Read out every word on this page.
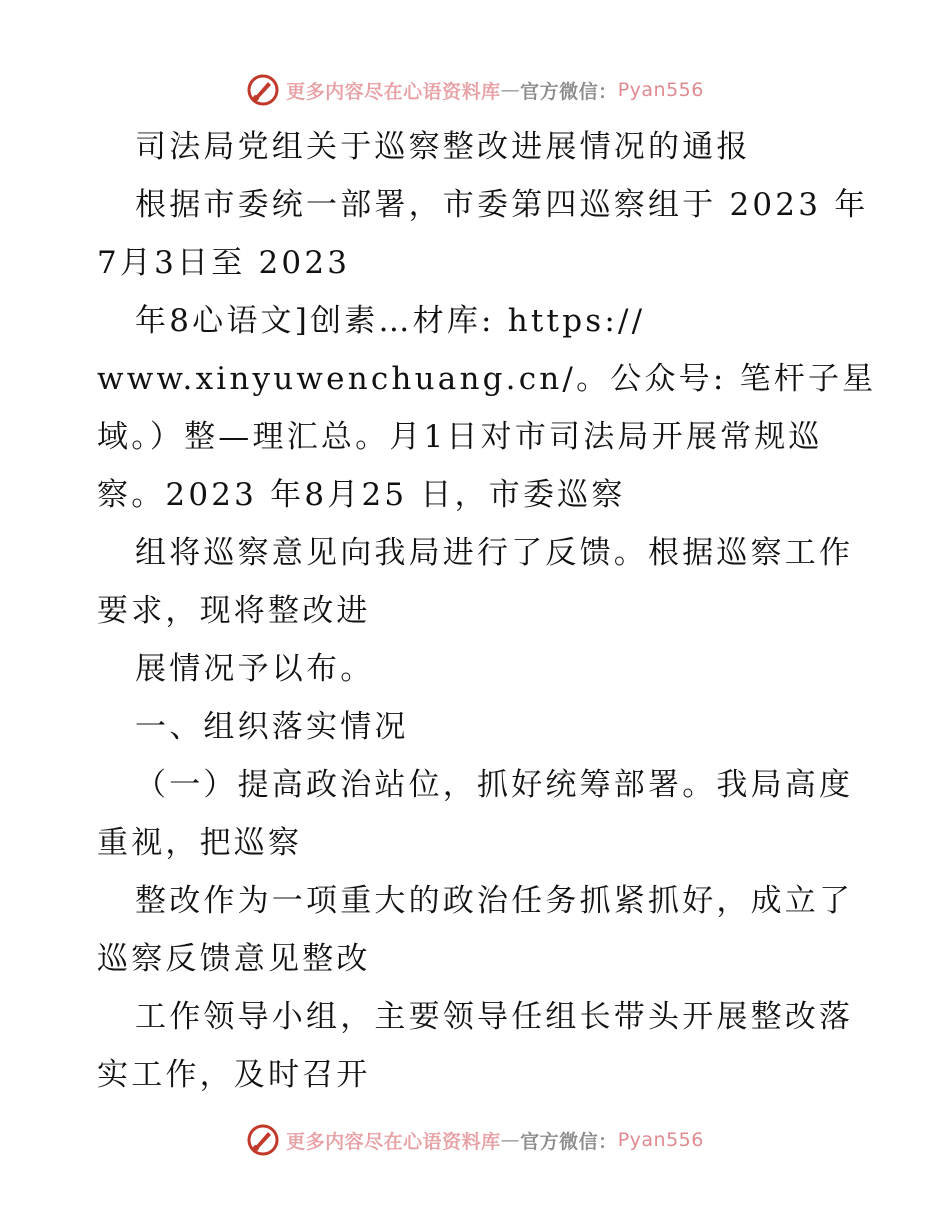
更多内容尽在心语资料库 — 官方微信： Pyan556

司法局党组关于巡察整改进展情况的通报

根据市委统一部署，市委第四巡察组于 2023 年

7月3日至 2023

年8心语文]创素…材库: https://

www.xinyuwenchuang.cn/。公众号: 笔杆子星

域。）整—理汇总。月1日对市司法局开展常规巡

察。2023 年8月25 日，市委巡察

组将巡察意见向我局进行了反馈。根据巡察工作

要求，现将整改进

展情况予以布。

一、组织落实情况

（一）提高政治站位，抓好统筹部署。我局高度

重视，把巡察

整改作为一项重大的政治任务抓紧抓好，成立了

巡察反馈意见整改

工作领导小组，主要领导任组长带头开展整改落

实工作，及时召开

更多内容尽在心语资料库 — 官方微信： Pyan556
